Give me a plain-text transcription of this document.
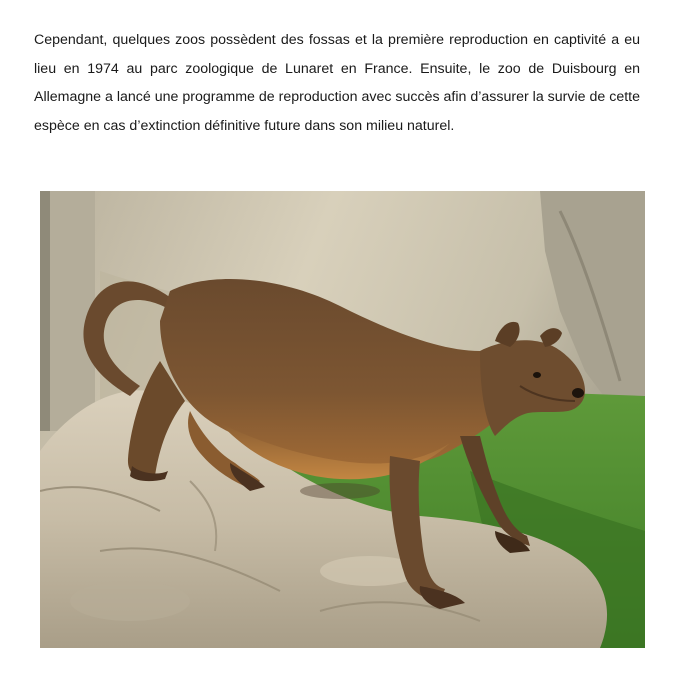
Cependant, quelques zoos possèdent des fossas et la première reproduction en captivité a eu lieu en 1974 au parc zoologique de Lunaret en France. Ensuite, le zoo de Duisbourg en Allemagne a lancé une programme de reproduction avec succès afin d’assurer la survie de cette espèce en cas d’extinction définitive future dans son milieu naturel.
